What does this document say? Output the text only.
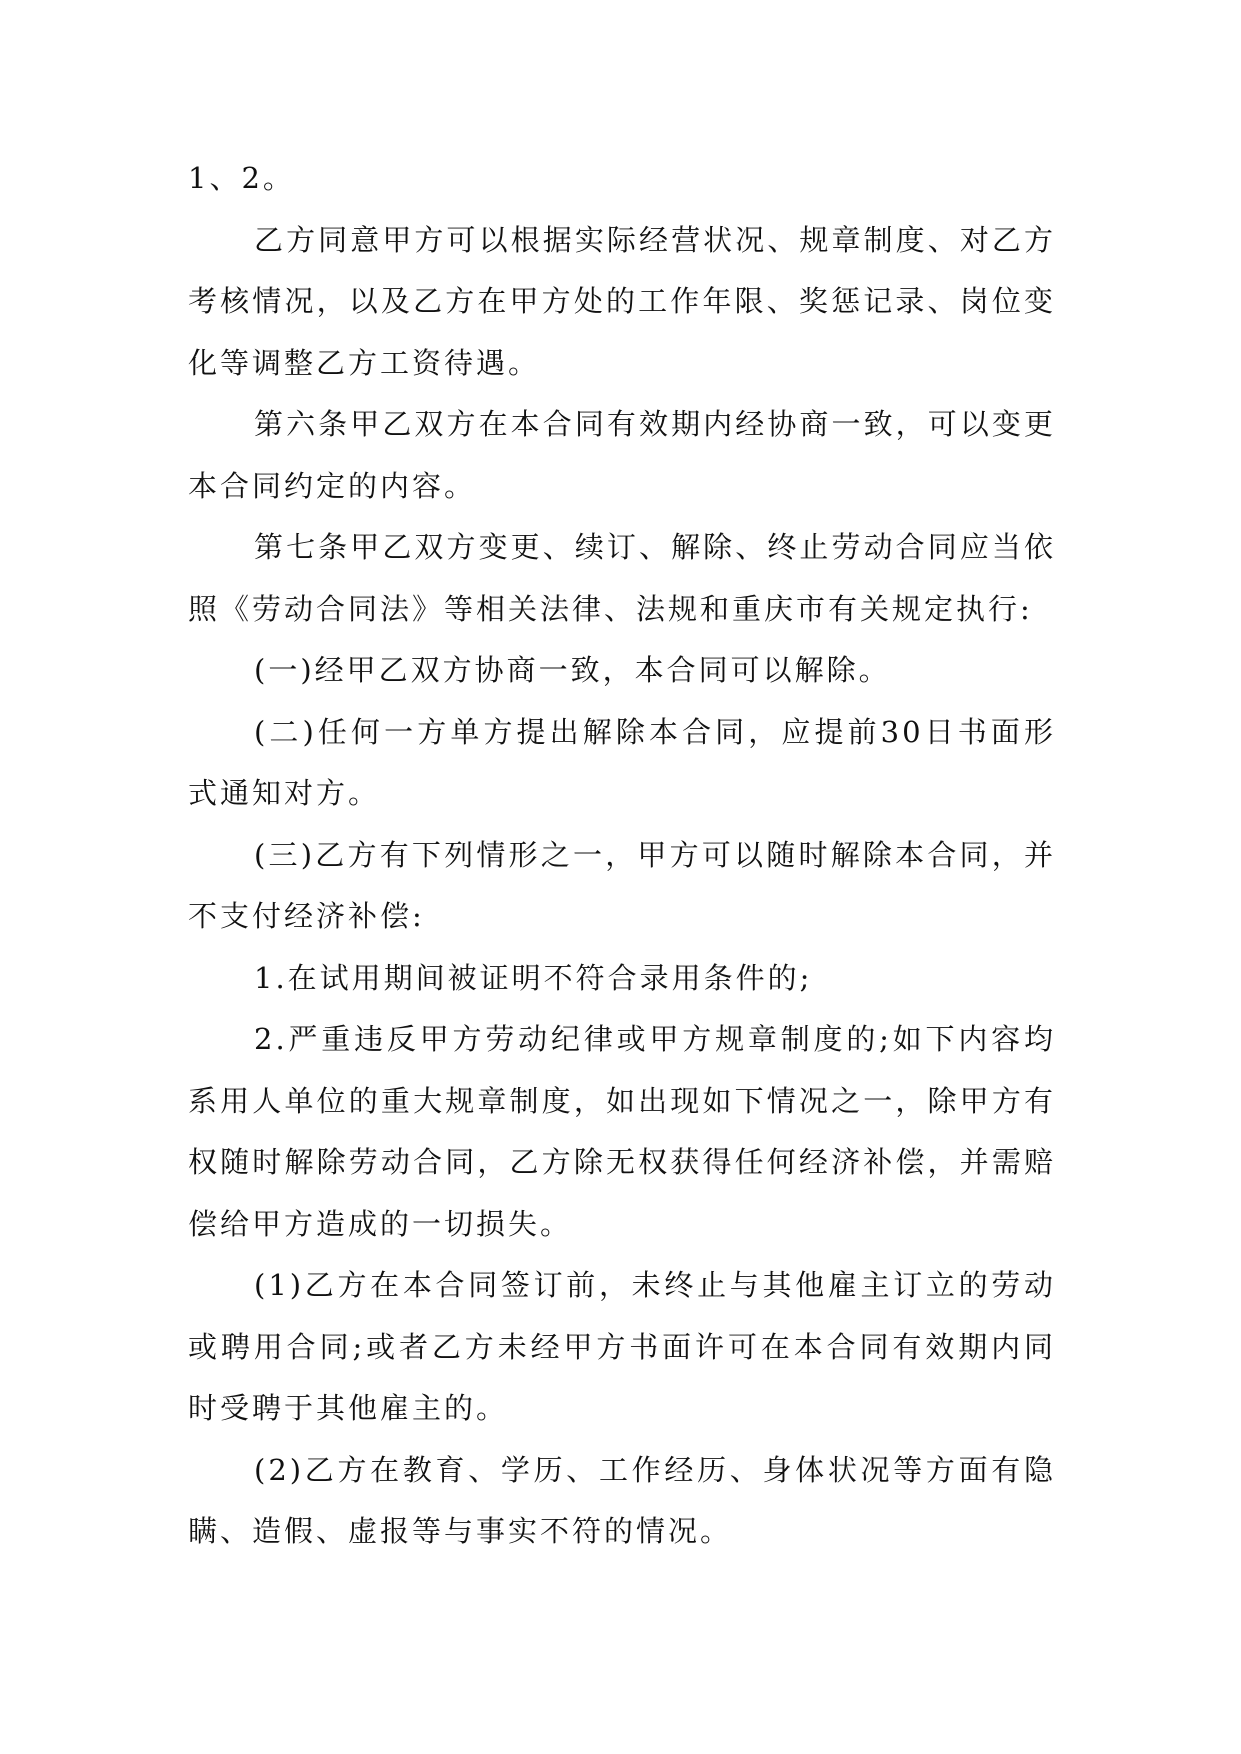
1、2。

乙方同意甲方可以根据实际经营状况、规章制度、对乙方考核情况，以及乙方在甲方处的工作年限、奖惩记录、岗位变化等调整乙方工资待遇。

第六条甲乙双方在本合同有效期内经协商一致，可以变更本合同约定的内容。

第七条甲乙双方变更、续订、解除、终止劳动合同应当依照《劳动合同法》等相关法律、法规和重庆市有关规定执行:

(一)经甲乙双方协商一致，本合同可以解除。

(二)任何一方单方提出解除本合同，应提前30日书面形式通知对方。

(三)乙方有下列情形之一，甲方可以随时解除本合同，并不支付经济补偿:

1.在试用期间被证明不符合录用条件的;

2.严重违反甲方劳动纪律或甲方规章制度的;如下内容均系用人单位的重大规章制度，如出现如下情况之一，除甲方有权随时解除劳动合同，乙方除无权获得任何经济补偿，并需赔偿给甲方造成的一切损失。

(1)乙方在本合同签订前，未终止与其他雇主订立的劳动或聘用合同;或者乙方未经甲方书面许可在本合同有效期内同时受聘于其他雇主的。

(2)乙方在教育、学历、工作经历、身体状况等方面有隐瞒、造假、虚报等与事实不符的情况。
